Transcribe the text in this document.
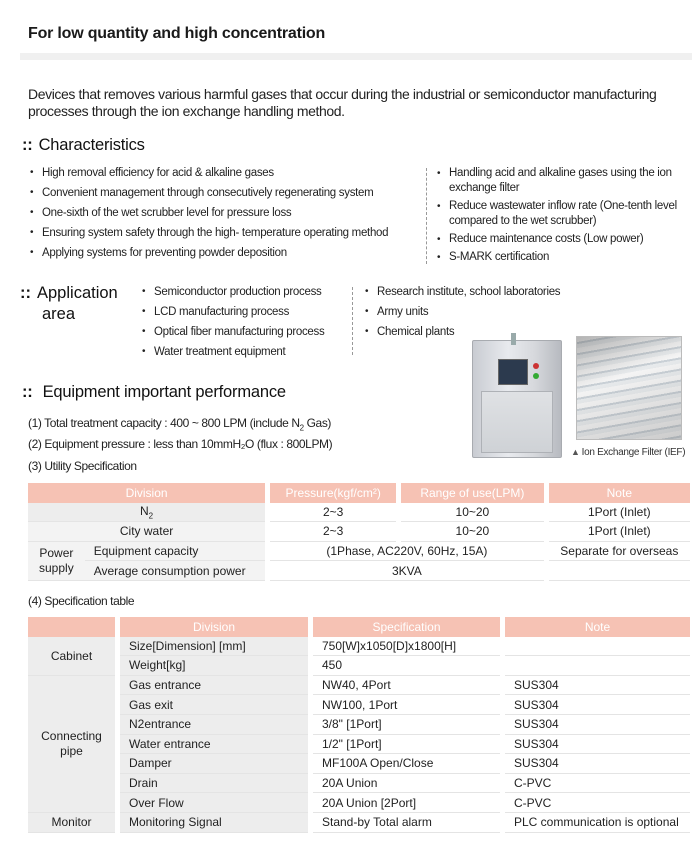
For low quantity and high concentration

Devices that removes various harmful gases that occur during the industrial or semiconductor manufacturing processes through the ion exchange handling method.

:: Characteristics
• High removal efficiency for acid & alkaline gases
• Convenient management through consecutively regenerating system
• One-sixth of the wet scrubber level for pressure loss
• Ensuring system safety through the high- temperature operating method
• Applying systems for preventing powder deposition
• Handling acid and alkaline gases using the ion exchange filter
• Reduce wastewater inflow rate (One-tenth level compared to the wet scrubber)
• Reduce maintenance costs (Low power)
• S-MARK certification
:: Application
area
• Semiconductor production process
• LCD manufacturing process
• Optical fiber manufacturing process
• Water treatment equipment
• Research institute, school laboratories
• Army units
• Chemical plants
▲ Ion Exchange Filter (IEF)
:: Equipment important performance
(1) Total treatment capacity : 400 ~ 800 LPM (include $N_2$ Gas)
(2) Equipment pressure : less than 10mmH₂O (flux : 800LPM)
(3) Utility Specification
Division			Pressure(kgf/cm²)		Range of use(LPM)		Note
$N_2$			2~3		10~20		1Port (Inlet)
City water			2~3		10~20		1Port (Inlet)
Power
supply	Equipment capacity		(1Phase, AC220V, 60Hz, 15A)				Separate for overseas
	Average consumption power		3KVA				
(4) Specification table
		Division		Specification		Note
Cabinet		Size[Dimension] [mm]		750[W]x1050[D]x1800[H]		
		Weight[kg]		450		
Connecting
pipe		Gas entrance		NW40, 4Port		SUS304
		Gas exit		NW100, 1Port		SUS304
		N2entrance		3/8" [1Port]		SUS304
		Water entrance		1/2" [1Port]		SUS304
		Damper		MF100A Open/Close		SUS304
		Drain		20A Union		C-PVC
		Over Flow		20A Union [2Port]		C-PVC
Monitor		Monitoring Signal		Stand-by Total alarm		PLC communication is optional
